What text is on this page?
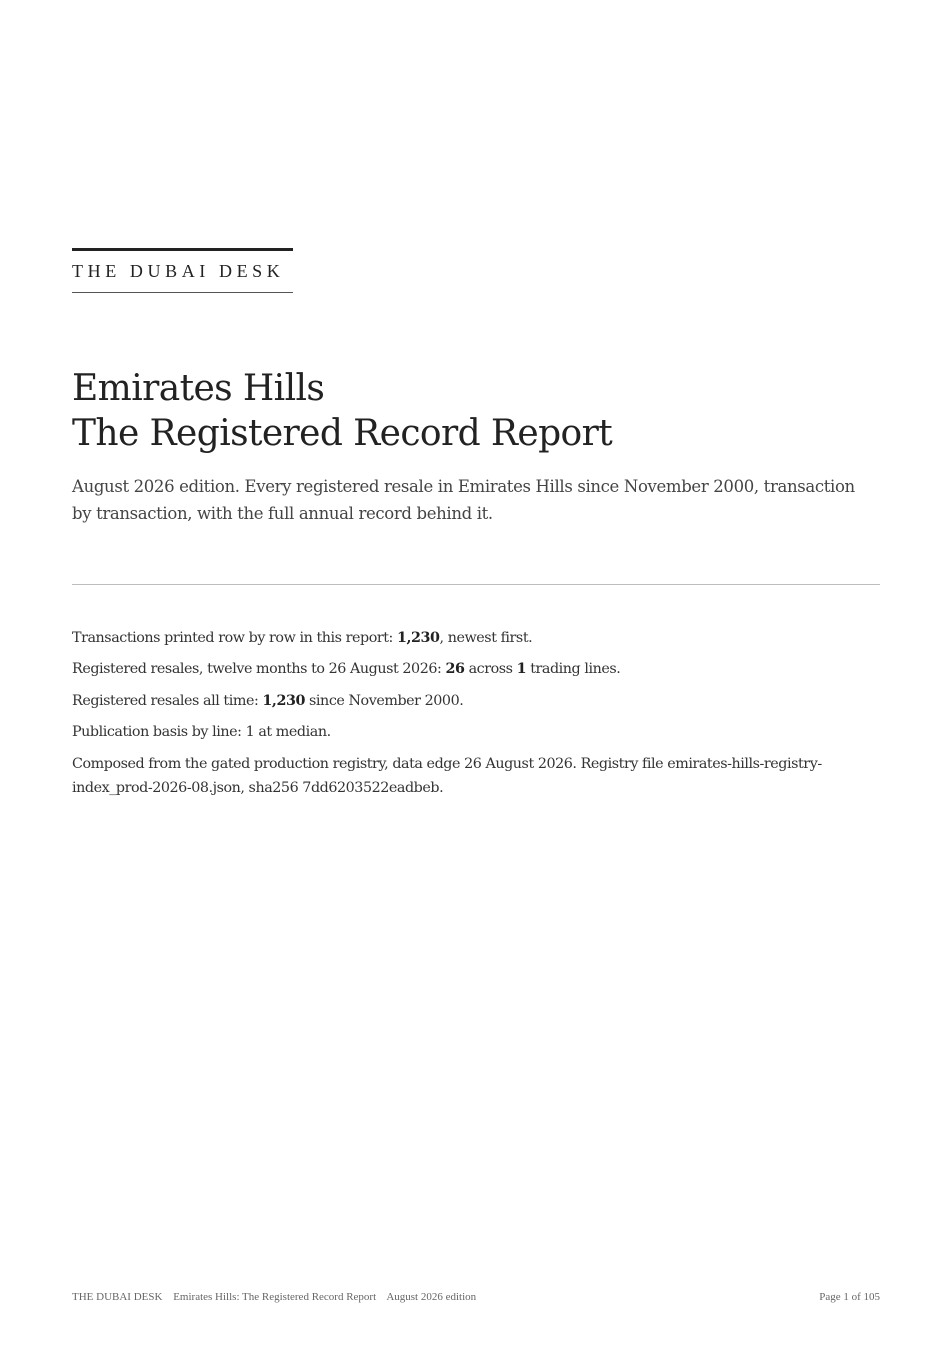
THE DUBAI DESK
Emirates Hills
The Registered Record Report

August 2026 edition. Every registered resale in Emirates Hills since November 2000, transaction by transaction, with the full annual record behind it.

Transactions printed row by row in this report: 1,230, newest first.

Registered resales, twelve months to 26 August 2026: 26 across 1 trading lines.

Registered resales all time: 1,230 since November 2000.

Publication basis by line: 1 at median.

Composed from the gated production registry, data edge 26 August 2026. Registry file emirates-hills-registry-index_prod-2026-08.json, sha256 7dd6203522eadbeb.

THE DUBAI DESK Emirates Hills: The Registered Record Report August 2026 edition	Page 1 of 105
